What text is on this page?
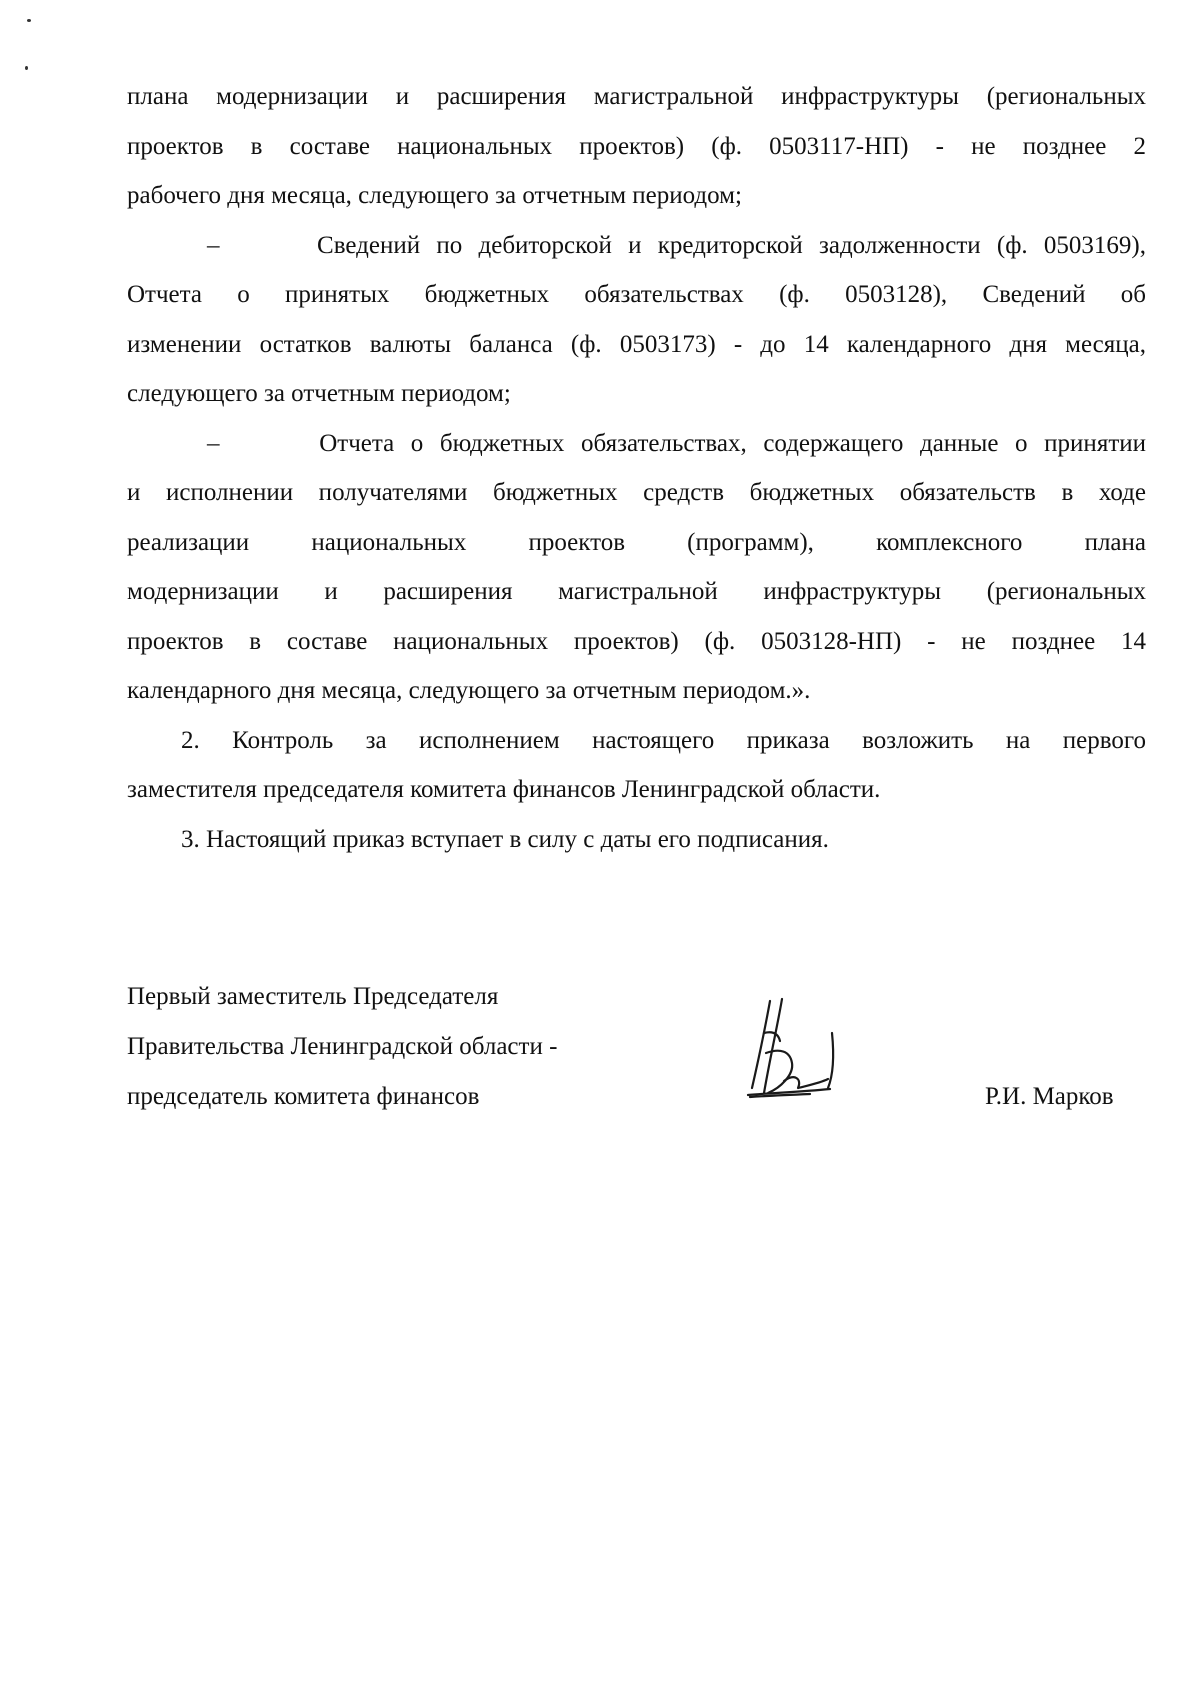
плана модернизации и расширения магистральной инфраструктуры (региональных
проектов в составе национальных проектов) (ф. 0503117-НП) - не позднее 2
рабочего дня месяца, следующего за отчетным периодом;
–      Сведений по дебиторской и кредиторской задолженности (ф. 0503169),
Отчета о принятых бюджетных обязательствах (ф. 0503128), Сведений об
изменении остатков валюты баланса (ф. 0503173) - до 14 календарного дня месяца,
следующего за отчетным периодом;
–      Отчета о бюджетных обязательствах, содержащего данные о принятии
и исполнении получателями бюджетных средств бюджетных обязательств в ходе
реализации национальных проектов (программ), комплексного плана
модернизации и расширения магистральной инфраструктуры (региональных
проектов в составе национальных проектов) (ф. 0503128-НП) - не позднее 14
календарного дня месяца, следующего за отчетным периодом.».
2. Контроль за исполнением настоящего приказа возложить на первого
заместителя председателя комитета финансов Ленинградской области.
3. Настоящий приказ вступает в силу с даты его подписания.
Первый заместитель Председателя
Правительства Ленинградской области -
председатель комитета финансов	Р.И. Марков
